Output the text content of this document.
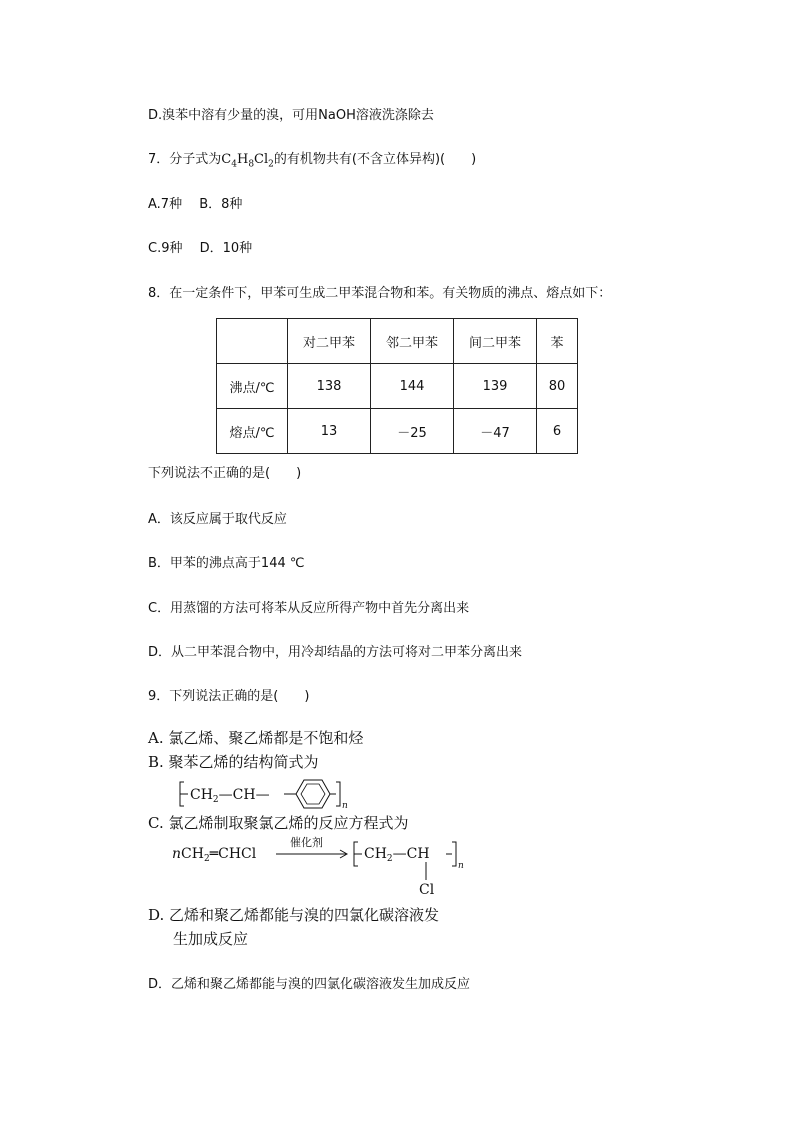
D.溴苯中溶有少量的溴，可用NaOH溶液洗涤除去
7．分子式为$C_4H_8Cl_2$的有机物共有(不含立体异构)(　　)
A.7种　 B．8种
C.9种　 D．10种
8．在一定条件下，甲苯可生成二甲苯混合物和苯。有关物质的沸点、熔点如下：
	对二甲苯	邻二甲苯	间二甲苯	苯
沸点/℃	138	144	139	80
熔点/℃	13	－25	－47	6
下列说法不正确的是(　　)
A．该反应属于取代反应
B．甲苯的沸点高于144 ℃
C．用蒸馏的方法可将苯从反应所得产物中首先分离出来
D．从二甲苯混合物中，用冷却结晶的方法可将对二甲苯分离出来
9．下列说法正确的是(　　)
A. 氯乙烯、聚乙烯都是不饱和烃
B. 聚苯乙烯的结构简式为
$CH_2—CH—$
n
C. 氯乙烯制取聚氯乙烯的反应方程式为
nCH$_2$═CHCl
催化剂
$CH_2—CH$
n
Cl
D. 乙烯和聚乙烯都能与溴的四氯化碳溶液发
生加成反应
D．乙烯和聚乙烯都能与溴的四氯化碳溶液发生加成反应
